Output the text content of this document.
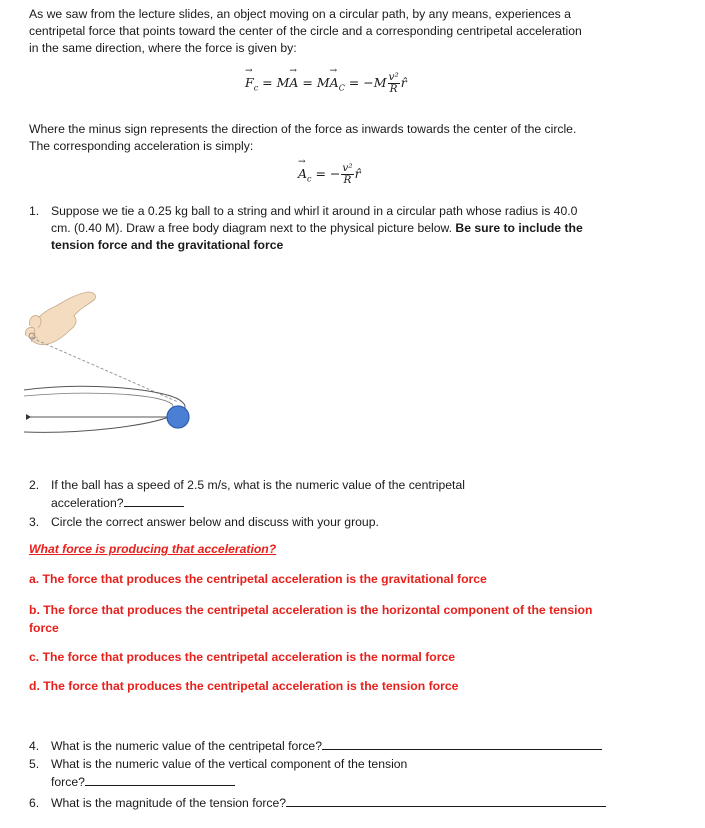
As we saw from the lecture slides, an object moving on a circular path, by any means, experiences a
centripetal force that points toward the center of the circle and a corresponding centripetal acceleration
in the same direction, where the force is given by:
→ $F_c = M\to A = M\to A_C = -M \frac{\text{v²}}{R}$ r̂
Where the minus sign represents the direction of the force as inwards towards the center of the circle.
The corresponding acceleration is simply:
→ $A_c$ = − $\frac{\text{v²}}{R}$ r̂
1. Suppose we tie a 0.25 kg ball to a string and whirl it around in a circular path whose radius is 40.0
cm. (0.40 M). Draw a free body diagram next to the physical picture below. Be sure to include the
tension force and the gravitational force
2. If the ball has a speed of 2.5 m/s, what is the numeric value of the centripetal
acceleration?
3. Circle the correct answer below and discuss with your group.
What force is producing that acceleration?
a. The force that produces the centripetal acceleration is the gravitational force
b. The force that produces the centripetal acceleration is the horizontal component of the tension
force
c. The force that produces the centripetal acceleration is the normal force
d. The force that produces the centripetal acceleration is the tension force
4. What is the numeric value of the centripetal force?
5. What is the numeric value of the vertical component of the tension
force?
6. What is the magnitude of the tension force?
